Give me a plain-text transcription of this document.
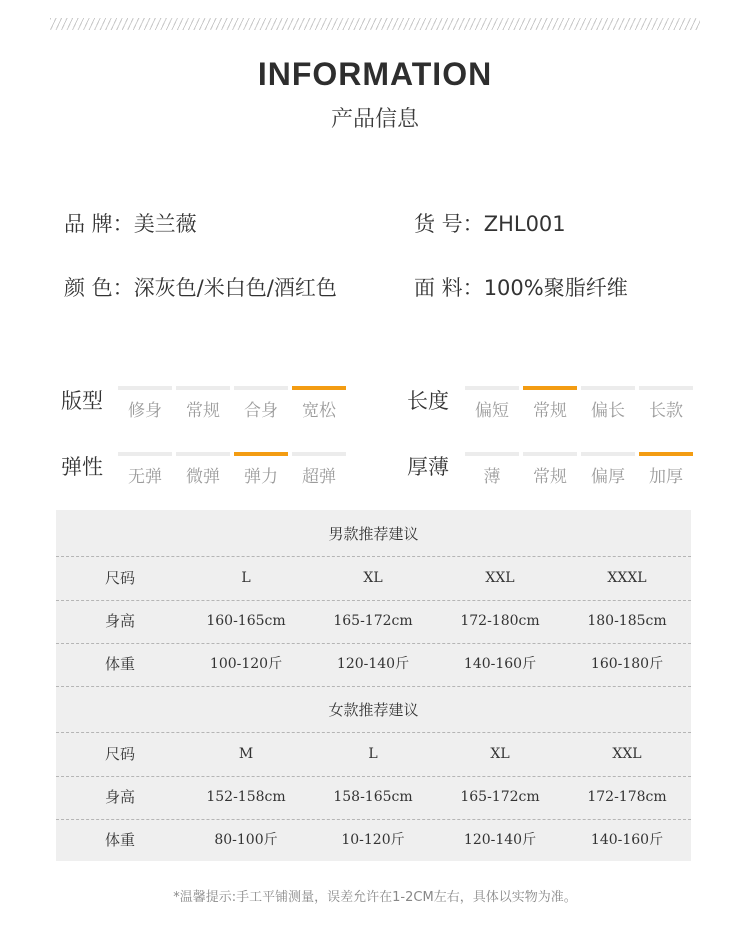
INFORMATION
产品信息
品 牌：美兰薇	货 号：ZHL001
颜 色：深灰色/米白色/酒红色	面 料：100%聚脂纤维
版型	修身	常规	合身	宽松	长度	偏短	常规	偏长	长款
弹性	无弹	微弹	弹力	超弹	厚薄	薄	常规	偏厚	加厚
男款推荐建议
尺码	L	XL	XXL	XXXL
身高	160-165cm	165-172cm	172-180cm	180-185cm
体重	100-120斤	120-140斤	140-160斤	160-180斤
女款推荐建议
尺码	M	L	XL	XXL
身高	152-158cm	158-165cm	165-172cm	172-178cm
体重	80-100斤	10-120斤	120-140斤	140-160斤
*温馨提示:手工平铺测量，误差允许在1-2CM左右，具体以实物为准。
